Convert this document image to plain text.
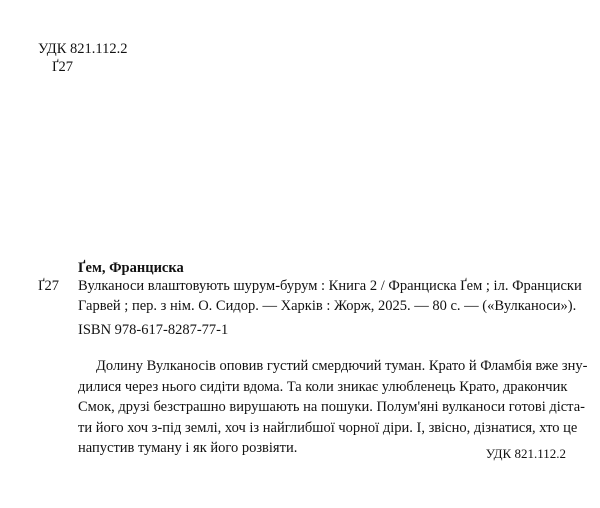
УДК 821.112.2
Ґ27
Ґем, Франциска
Ґ27 Вулканоси влаштовують шурум-бурум : Книга 2 / Франциска Ґем ; іл. Франциски
Гарвей ; пер. з нім. О. Сидор. — Харків : Жорж, 2025. — 80 с. — («Вулканоси»).
ISBN 978-617-8287-77-1
Долину Вулканосів оповив густий смердючий туман. Крато й Фламбія вже зну-
дилися через нього сидіти вдома. Та коли зникає улюбленець Крато, дракончик
Смок, друзі безстрашно вирушають на пошуки. Полум'яні вулканоси готові діста-
ти його хоч з-під землі, хоч із найглибшої чорної діри. І, звісно, дізнатися, хто це
напустив туману і як його розвіяти.	УДК 821.112.2
